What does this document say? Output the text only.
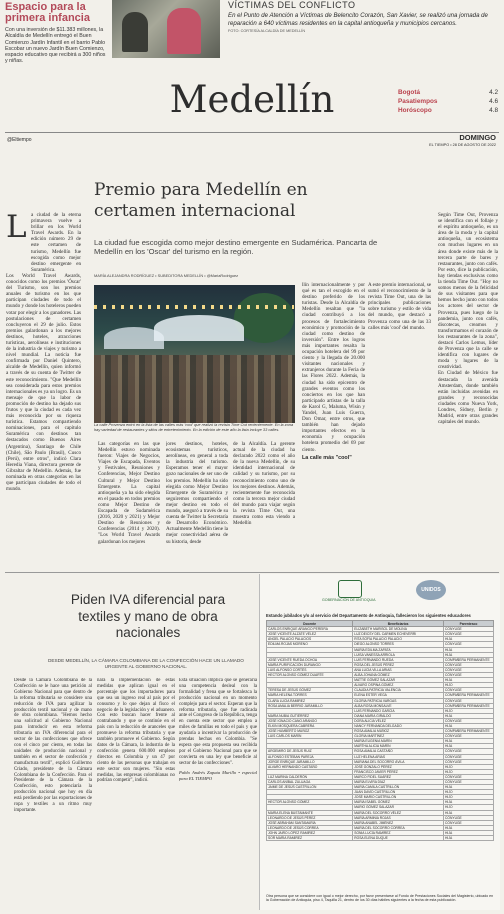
Espacio para la primera infancia
Con una inversión de $11.383 millones, la Alcaldía de Medellín entregó el Buen Comienzo Jardín Infantil en el barrio Pablo Escobar un nuevo Jardín Buen Comienzo, espacio educativo que recibirá a 300 niños y niñas.
VÍCTIMAS DEL CONFLICTO
En el Punto de Atención a Víctimas de Belencito Corazón, San Xavier, se realizó una jornada de reparación a 640 víctimas residentes en la capital antioqueña y municipios cercanos.
FOTO: CORTESÍA ALCALDÍA DE MEDELLÍN
Medellín	Bogotá	4.2
Pasatiempos	4.6
Horóscopo	4.8
@Eltiempo	DOMINGO
EL TIEMPO • 28 DE AGOSTO DE 2022
Premio para Medellín en certamen internacional
La ciudad fue escogida como mejor destino emergente en Sudamérica. Pancarta de Medellín en los 'Oscar' del turismo en la región.
MARÍA ALEJANDRA RODRÍGUEZ • SUBEDITORA MEDELLÍN • @MariaRodriguez
L a ciudad de la eterna primavera vuelve a brillar en los World Travel Awards. En la edición número 29 de este certamen de turismo, Medellín fue escogida como mejor destino emergente en Suramérica.
Los World Travel Awards, conocidos como los premios 'Óscar' del Turismo, son los premios anuales de turismo en los que participan ciudades de todo el mundo y donde los hoteleros pueden votar por elegir a los ganadores. Las postulaciones de certamen concluyeron el 29 de julio. Estos premios galardonan a los mejores destinos, hoteles, atracciones turísticas, aerolíneas e instituciones de la industria de viajes y turismo a nivel mundial. La noticia fue confirmada por Daniel Quintero, alcalde de Medellín, quien informó a través de su cuenta de Twitter de este reconocimiento. "Que Medellín sea considerada para estos premios internacionales es ya un logro. Es un mensaje de que la labor de promoción de destino ha dejado sus frutos y que la ciudad es cada vez más reconocida por su riqueza turística. Estamos compartiendo nominaciones, para el capítulo Suramérica con destinos tan destacados como Buenos Aires (Argentina), Santiago de Chile (Chile), São Paulo (Brasil), Cusco (Perú), entre otros", indicó Clara Heredia Viana, directora gerente de Gibraltar de Medellín. Además, fue nominada en otras categorías en las que participan ciudades de todo el mundo.
La calle Provenza entró en la lista de las calles más 'cool' que realizó la revista Time Out recientemente. En la zona hay variedad de restaurantes y sitios de entretenimiento. En la edición de este año la lista incluye 33 calles.
Las categorías en las que Medellín estuvo nominada fueron: Viajes de Negocios, Viajes de Escapada, Eventos y Festivales, Reuniones y Conferencias, Mejor Destino Cultural y Mejor Destino Emergente. La capital antioqueña ya ha sido elegida en el pasado en todos premios como Mejor Destino de Escapada de Sudamérica (2016, 2020 y 2021) y Mejor Destino de Reuniones y Conferencias (2014 y 2020). "Los World Travel Awards galardonan los mejores
jores destinos, hoteles, ecosistemas turísticos, aerolíneas, en general a toda la industria del turismo. Esperamos tener el mayor gozo nacionales de ser uno de los premios. Medellín ha sido elegida como Mejor Destino Emergente de Suramérica y seguiremos compartiendo el mejor destino en todo el mundo, aseguró a través de su cuenta de Twitter la Secretaría de Desarrollo Económico. Actualmente Medellín tiene la mejor conectividad aérea de su historia, desde
de la Alcaldía. La gerente actual de la ciudad ha declarado 2022 como el año de la nueva Medellín, de su identidad internacional de calidad y su turismo, por su reconocimiento como uno de los mejores destinos. Además, recientemente fue reconocida como la tercera mejor ciudad del mundo para viajar según la revista Time Out, una muestra como esta viendo a Medellín
llín internacionalmente y por qué es tan el escogido en el destino preferido de los turistas. Desde la Alcaldía de Medellín resaltan que "la ciudad contribuyó a los procesos de fortalecimiento económico y promoción de la ciudad como destino de inversión". Entre los logros más importantes resalta la ocupación hotelera del 99 por ciento y la llegada de 20.000 visitantes nacionales y extranjeros durante la Feria de las Flores 2022. Además, la ciudad ha sido epicentro de grandes eventos como los conciertos en los que han participado artistas de la talla de Karol G, Maluma, Wisin y Yandel, Juan Luis Guerra, Don Omar, entre otros, que también han dejado importantes efectos en la economía y ocupación hotelera promedio del 69 por ciento.
La calle más "cool"
A este premio internacional, se sumó el reconocimiento de la revista Time Out, una de las principales publicaciones sobre turismo y estilo de vida del mundo, que destacó a Provenza como una de las 33 calles más 'cool' del mundo.
Según Time Out, Provenza se identifica con el follaje y el espíritu antioqueño, es un área de la moda y la capital antioqueña, un ecosistema con muchos lugares en un área donde existe más de la tercera parte de bares y restaurantes, junto con cafés. Por esto, dice la publicación, hay tiendas exclusivas como la tienda Time Out. "Hoy no somos menos de la felicidad de sus visitantes para que hemos hecho junto con todos los actores del sector de Provenza, pues luego de la pandemia, junto con cafés, discotecas, creamos y transformamos el corazón de los restaurantes de la zona", destacó Carlos Lemus, líder de Provenza que la calle se identifica con lugares de moda y lugares de la creatividad.
En Ciudad de México fue destacada la avenida Amsterdam, donde también están incluidas avenidas en grandes y reconocidas ciudades como Nueva York, Londres, Sídney, Berlín y Madrid, entre otras grandes capitales del mundo.
Piden IVA diferencial para textiles y mano de obra nacionales
DESDE MEDELLÍN, LA CÁMARA COLOMBIANA DE LA CONFECCIÓN HACE UN LLAMADO URGENTE AL GOBIERNO NACIONAL.
Desde la Cámara Colombiana de la Confección se le hace una petición al Gobierno Nacional para que dentro de la reforma tributaria se considere una reducción de IVA para agilizar la producción textil nacional y de mano de obra colombiana. "Hemos hecho una solicitud al Gobierno Nacional para introducir en esta reforma tributaria un IVA diferencial para el sector de las confecciones que ofrece con el cinco por ciento, en todas las unidades de producción nacional y también en el sector de confección y manufactura textil", explicó Guillermo Criado, presidente de la Cámara Colombiana de la Confección. Para el Presidente de la Cámara de la Confección, esto potenciaría la producción nacional que hoy en día está perdiendo por las exportaciones de ropa y textiles a un ritmo muy importante.
nara la implementación de estas medidas que aplican igual en el porcentaje que los importadores para que sea un ingreso real al país por el consumo y lo que dejan al fisco el negocio de la legislación y el aduanero. Con esto buscan hacer frente al contrabando y que se continúe en el país con la reducción de aranceles que promueve la reforma tributaria y que también promueve el Gobierno. Según datos de la Cámara, la industria de la confección genera 600.000 empleos directos en Colombia y un 47 por ciento de las personas que trabajan en este sector son mujeres. "Sin estas medidas, las empresas colombianas no podrían competir", indicó.
Esta situación implica que se generaría una competencia desleal con la formalidad y frena que se fortalezca la producción nacional en un momento complejo para el sector. Esperan que la reforma tributaria, que fue radicada ante el Congreso de la República, tenga en cuenta este sector que emplea a miles de familias en todo el país y que ayudaría a incentivar la producción de prendas hechas en Colombia. "Se espera que esta propuesta sea recibida por el Gobierno Nacional para que se convierta en una ley que beneficie al sector de las confecciones".
Pablo Andrés Zapata Murillo • especial para EL TIEMPO
GOBERNACIÓN DE ANTIOQUIA
UNIDOS
Estando jubilados y/o al servicio del Departamento de Antioquia, fallecieron los siguientes educadores
Docente	Beneficiarios	Parentesco
CARLOS ENRIQUE ARANGO PEREIRA	ELIZABETH MARISOL DE MOLINA	CÓNYUGE
JOSÉ VICENTE ALZATE VÉLEZ	LUZ DEICSY DEL CARMEN ECHEVERRI	CÓNYUGE
ÁNGEL PALACIO PALACIOS	RITA SOFÍA PALACIO PALACIO	HIJA
EDILMA ROJAS MORENO	DIEGO ALONSO TORRES	CÓNYUGE
	MARÍA EDILMA ZAPATA	HIJA
	LUISA VANESSA ARRIOLA	HIJA
JOSÉ VICENTE RUEDA OCHOA	LUIS FERNANDO RUEDA	COMPAÑERA PERMANENTE
MARÍA PURIFICACIÓN DURANGO	ROSA DEL JESÚS PÉREZ	CÓNYUGE
LUIS ALFONSO CORTÉS	ANA LUCÍA VILLA ARIAS	CÓNYUGE
HECTOR ALONSO GÓMEZ DUARTE	ALBA JOHANA GÓMEZ	CÓNYUGE
	MATTIE GÓMEZ SALAZAR	HIJA
	ALVARO OSPINA GÓMEZ	HIJO
TERESA DE JESÚS GÓMEZ	CLAUDIA PATRICIA VALENCIA	CÓNYUGE
MARÍA HELENA TORRES	ELENA ESTER VEGA	COMPAÑERA PERMANENTE
CLARA LUCÍA RAMÍREZ	GLORIA PATRICIA VARGAS	CÓNYUGE
ROSA AMALIA BERRIO JARAMILLO	ALBA ROSA MONSALVE	COMPAÑERA PERMANENTE
	LUIS FERNANDO GARCÍA	HIJO
MARÍA NUBIA GUTIÉRREZ	DIANA MARÍA GIRALDO	HIJA
JOSÉ IGNACIO CANO ARANGO	DORA ALICIA VÉLEZ	CÓNYUGE
ELKIN MOSQUERA CABRERA	NANCY FERNANDA DELGADO	HIJA
JOSÉ HUMBERTO MUÑOZ	ROSA AMALIA MUÑOZ	COMPAÑERA PERMANENTE
LUIS CARLOS MARÍN	GLORIA MARTÍNEZ	CÓNYUGE
	MARÍA EUGENIA MARÍN	HIJA
	MARTHA ALICIA MARÍN	HIJA
ARGEMIRO DE JESÚS RUIZ	ROSA AMALIA CASTAÑO	CÓNYUGE
ALFONSO ESTEBAN PAREJA	LUZ HELENA ARIAS	CÓNYUGE
JORGE ENRIQUE JARAMILLO	MARIANA DEL SOCORRO ÁVILA	CÓNYUGE
ALVARO HERNANDO CASTAÑO	JOSÉ GONZALO PÉREZ	HIJO
	FRANCISCO JAVIER PÉREZ	HIJO
LUZ MARINA CALDERÓN	MARCO FIDEL SUÁREZ	CÓNYUGE
CARLOS ANÍBAL ZULUAGA	MARÍA ELVIRA DÍAZ	CÓNYUGE
JAIME DE JESÚS CASTRILLÓN	MARÍA CAMILA CASTRILLÓN	HIJA
	JUAN DAVID CASTRILLÓN	HIJO
	JOSÉ MARIO CASTRILLÓN	HIJO
HECTOR ALONSO GÓMEZ	MARIA ISABEL GÓMEZ	HIJA
	MARIO GÓMEZ SALAZAR	HIJO
MARÍA ELENA BUSTAMANTE	MARÍA DEL SOCORRO VÉLEZ	HIJA
LEONARDO DE JESÚS PÉREZ	MARÍA ARMINIA ROJAS	CÓNYUGE
JOSÉ ABRAHÁM SANTAMARÍA	MARÍA ANABEL JIMÉNEZ	CÓNYUGE
LEONARDO DE JESÚS CORREA	MARÍA DEL SOCORRO CORREA	HIJA
JOHN JAIRO LÓPEZ RAMÍREZ	SONIA LUCÍA RAMÍREZ	HIJA
SOR MARÍA RAMÍREZ	ROSA ELENA DUQUE	HIJA
Otra persona que se considere con igual o mejor derecho, por favor presentarse al Fondo de Prestaciones Sociales del Magisterio, ubicado en la Gobernación de Antioquia, piso 4, Taquilla 21, dentro de los 30 días hábiles siguientes a la fecha de esta publicación.
